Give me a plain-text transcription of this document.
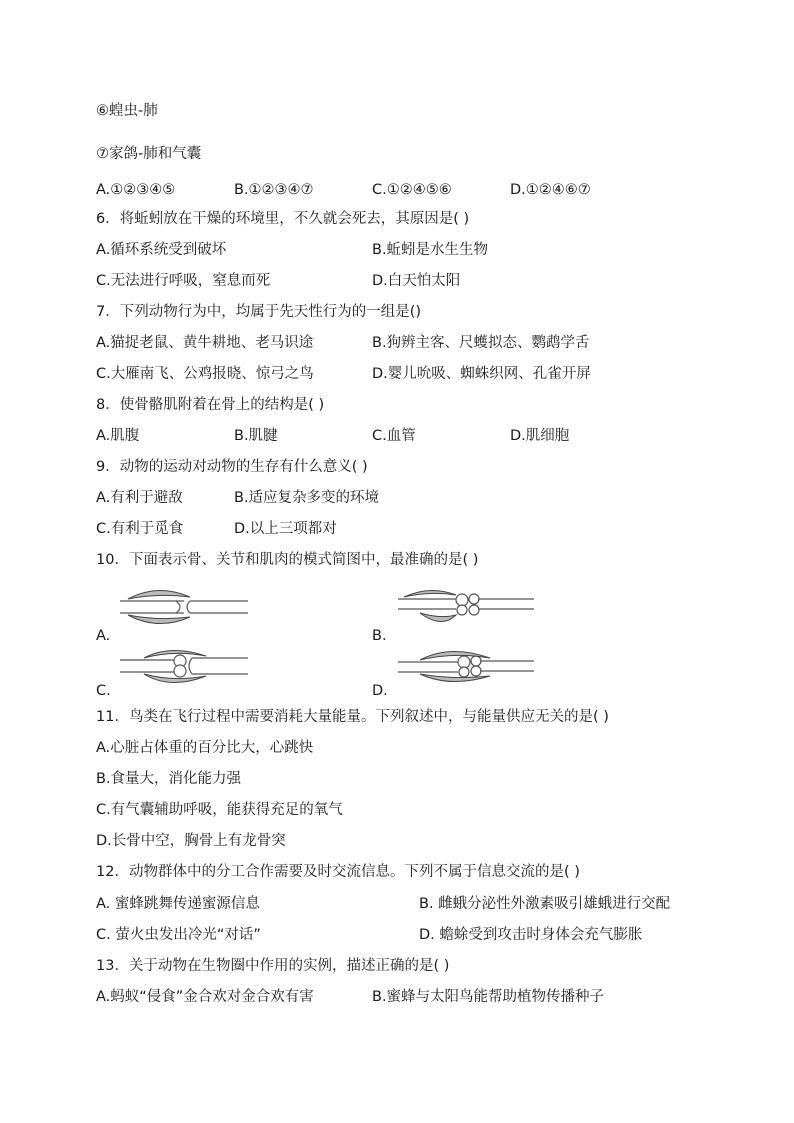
⑥蝗虫-肺
⑦家鸽-肺和气囊
A.①②③④⑤	B.①②③④⑦	C.①②④⑤⑥	D.①②④⑥⑦
6．将蚯蚓放在干燥的环境里，不久就会死去，其原因是( )
A.循环系统受到破坏	B.蚯蚓是水生生物
C.无法进行呼吸，窒息而死	D.白天怕太阳
7．下列动物行为中，均属于先天性行为的一组是()
A.猫捉老鼠、黄牛耕地、老马识途	B.狗辨主客、尺蠖拟态、鹦鹉学舌
C.大雁南飞、公鸡报晓、惊弓之鸟	D.婴儿吮吸、蜘蛛织网、孔雀开屏
8．使骨骼肌附着在骨上的结构是( )
A.肌腹	B.肌腱	C.血管	D.肌细胞
9．动物的运动对动物的生存有什么意义( )
A.有利于避敌	B.适应复杂多变的环境
C.有利于觅食	D.以上三项都对
10．下面表示骨、关节和肌肉的模式简图中，最准确的是( )
A.	B.
C.	D.
11．鸟类在飞行过程中需要消耗大量能量。下列叙述中，与能量供应无关的是( )
A.心脏占体重的百分比大，心跳快
B.食量大，消化能力强
C.有气囊辅助呼吸，能获得充足的氧气
D.长骨中空，胸骨上有龙骨突
12．动物群体中的分工合作需要及时交流信息。下列不属于信息交流的是( )
A. 蜜蜂跳舞传递蜜源信息	B. 雌蛾分泌性外激素吸引雄蛾进行交配
C. 萤火虫发出冷光“对话”	D. 蟾蜍受到攻击时身体会充气膨胀
13．关于动物在生物圈中作用的实例，描述正确的是( )
A.蚂蚁“侵食”金合欢对金合欢有害	B.蜜蜂与太阳鸟能帮助植物传播种子
